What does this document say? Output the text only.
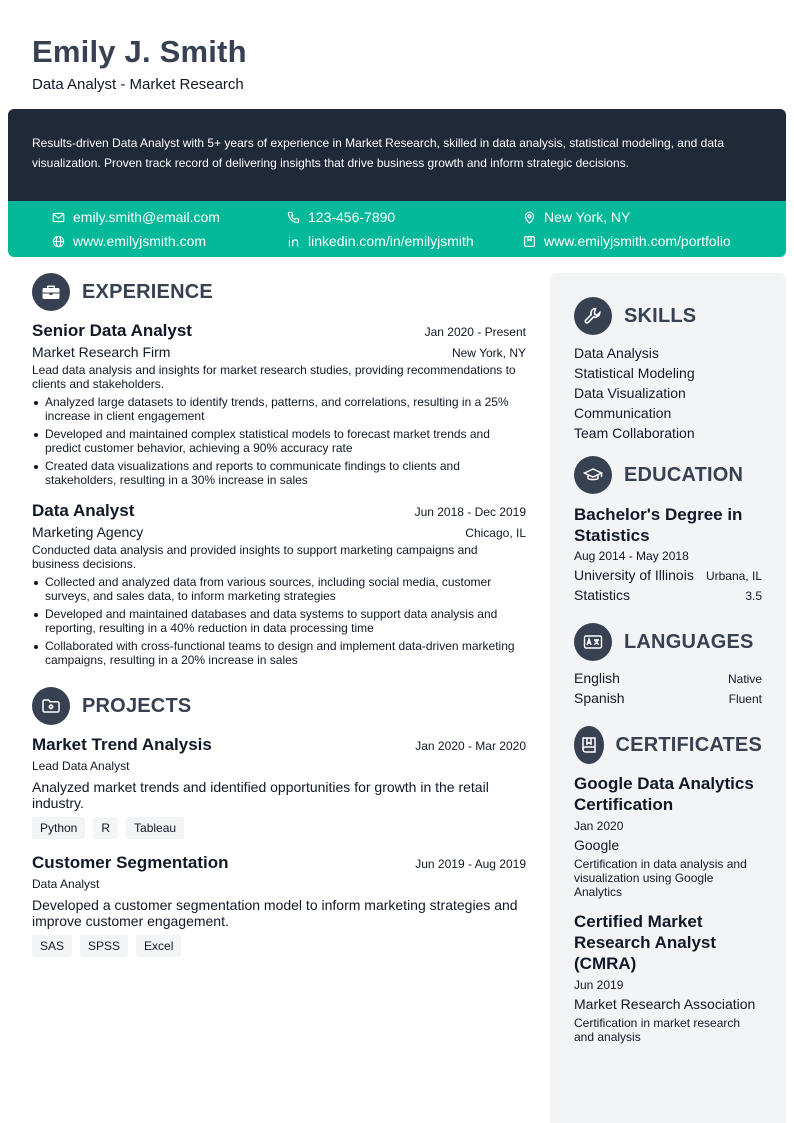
Emily J. Smith
Data Analyst - Market Research
Results-driven Data Analyst with 5+ years of experience in Market Research, skilled in data analysis, statistical modeling, and data visualization. Proven track record of delivering insights that drive business growth and inform strategic decisions.
emily.smith@email.com	123-456-7890	New York, NY
www.emilyjsmith.com	linkedin.com/in/emilyjsmith	www.emilyjsmith.com/portfolio
EXPERIENCE
Senior Data Analyst	Jan 2020 - Present
Market Research Firm	New York, NY
Lead data analysis and insights for market research studies, providing recommendations to clients and stakeholders.
Analyzed large datasets to identify trends, patterns, and correlations, resulting in a 25% increase in client engagement
Developed and maintained complex statistical models to forecast market trends and predict customer behavior, achieving a 90% accuracy rate
Created data visualizations and reports to communicate findings to clients and stakeholders, resulting in a 30% increase in sales
Data Analyst	Jun 2018 - Dec 2019
Marketing Agency	Chicago, IL
Conducted data analysis and provided insights to support marketing campaigns and business decisions.
Collected and analyzed data from various sources, including social media, customer surveys, and sales data, to inform marketing strategies
Developed and maintained databases and data systems to support data analysis and reporting, resulting in a 40% reduction in data processing time
Collaborated with cross-functional teams to design and implement data-driven marketing campaigns, resulting in a 20% increase in sales
PROJECTS
Market Trend Analysis	Jan 2020 - Mar 2020
Lead Data Analyst
Analyzed market trends and identified opportunities for growth in the retail industry.
Python	R	Tableau
Customer Segmentation	Jun 2019 - Aug 2019
Data Analyst
Developed a customer segmentation model to inform marketing strategies and improve customer engagement.
SAS	SPSS	Excel
SKILLS
Data Analysis
Statistical Modeling
Data Visualization
Communication
Team Collaboration
EDUCATION
Bachelor's Degree in Statistics
Aug 2014 - May 2018
University of Illinois Urbana, IL
Statistics	3.5
LANGUAGES
English	Native
Spanish	Fluent
CERTIFICATES
Google Data Analytics Certification
Jan 2020
Google
Certification in data analysis and visualization using Google Analytics
Certified Market Research Analyst (CMRA)
Jun 2019
Market Research Association
Certification in market research and analysis
